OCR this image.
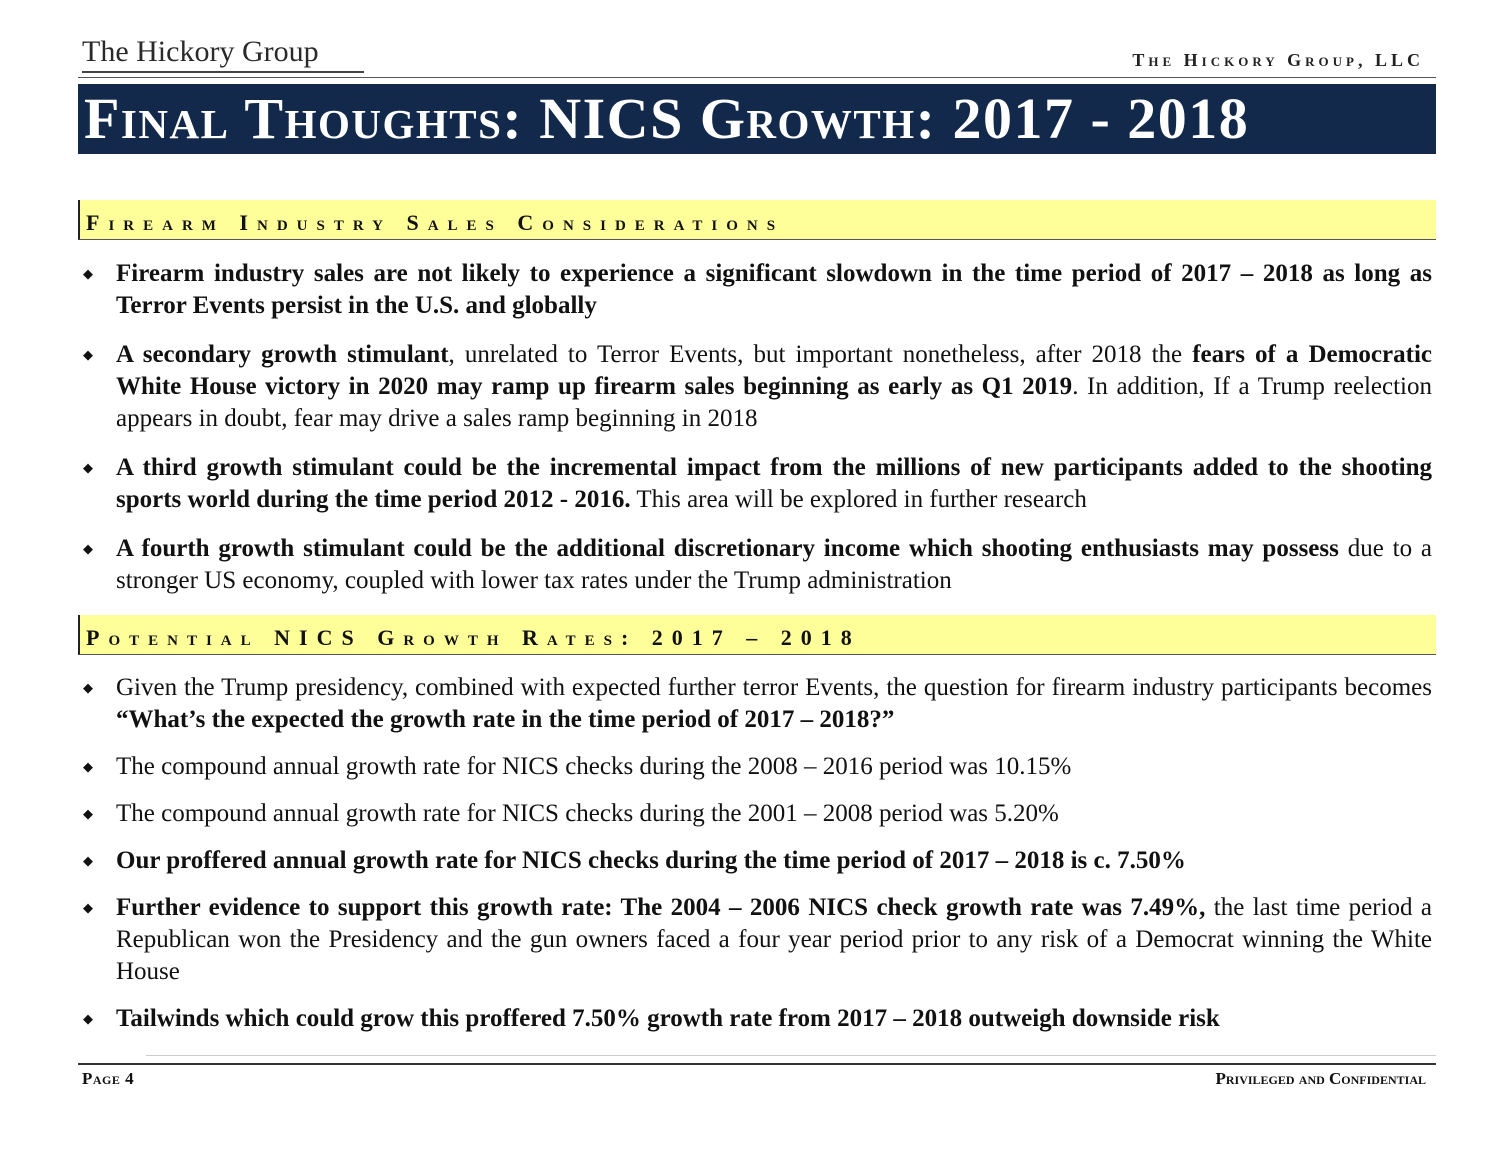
The Hickory Group	The Hickory Group, LLC
Final Thoughts: NICS Growth: 2017 - 2018
Firearm Industry Sales Considerations
◆ Firearm industry sales are not likely to experience a significant slowdown in the time period of 2017 – 2018 as long as Terror Events persist in the U.S. and globally
◆ A secondary growth stimulant, unrelated to Terror Events, but important nonetheless, after 2018 the fears of a Democratic White House victory in 2020 may ramp up firearm sales beginning as early as Q1 2019. In addition, If a Trump reelection appears in doubt, fear may drive a sales ramp beginning in 2018
◆ A third growth stimulant could be the incremental impact from the millions of new participants added to the shooting sports world during the time period 2012 - 2016. This area will be explored in further research
◆ A fourth growth stimulant could be the additional discretionary income which shooting enthusiasts may possess due to a stronger US economy, coupled with lower tax rates under the Trump administration
Potential NICS Growth Rates: 2017 – 2018
◆ Given the Trump presidency, combined with expected further terror Events, the question for firearm industry participants becomes “What’s the expected the growth rate in the time period of 2017 – 2018?”
◆ The compound annual growth rate for NICS checks during the 2008 – 2016 period was 10.15%
◆ The compound annual growth rate for NICS checks during the 2001 – 2008 period was 5.20%
◆ Our proffered annual growth rate for NICS checks during the time period of 2017 – 2018 is c. 7.50%
◆ Further evidence to support this growth rate: The 2004 – 2006 NICS check growth rate was 7.49%, the last time period a Republican won the Presidency and the gun owners faced a four year period prior to any risk of a Democrat winning the White House
◆ Tailwinds which could grow this proffered 7.50% growth rate from 2017 – 2018 outweigh downside risk
Page 4	Privileged and Confidential
